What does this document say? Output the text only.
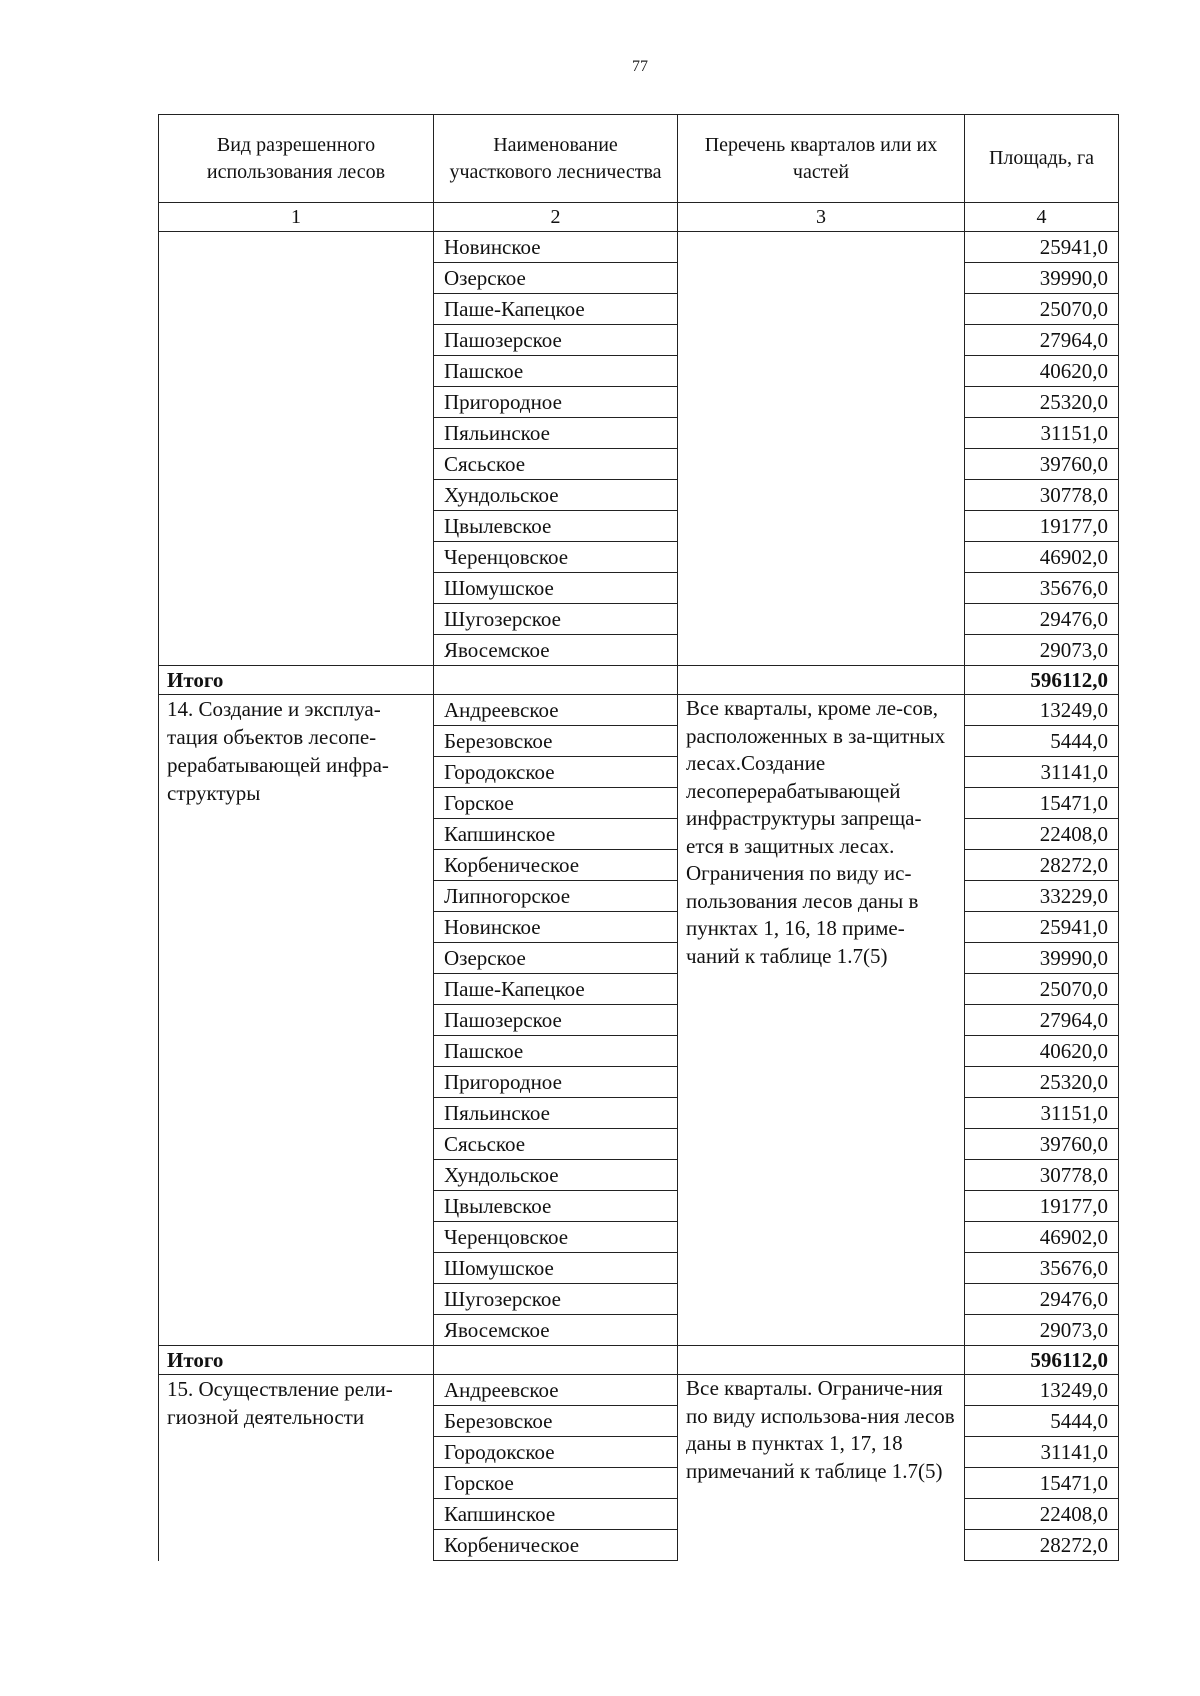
77
Вид разрешенного использования лесов	Наименование участкового лесничества	Перечень кварталов или их частей	Площадь, га
1	2	3	4
	Новинское		25941,0
	Озерское		39990,0
	Паше-Капецкое		25070,0
	Пашозерское		27964,0
	Пашское		40620,0
	Пригородное		25320,0
	Пяльинское		31151,0
	Сясьское		39760,0
	Хундольское		30778,0
	Цвылевское		19177,0
	Черенцовское		46902,0
	Шомушское		35676,0
	Шугозерское		29476,0
	Явосемское		29073,0
Итого			596112,0
14. Создание и эксплуа-тация объектов лесопе-рерабатывающей инфра-структуры	Андреевское	Все кварталы, кроме ле-сов, расположенных в за-щитных лесах.Создание лесоперерабатывающей инфраструктуры запреща-ется в защитных лесах. Ограничения по виду ис-пользования лесов даны в пунктах 1, 16, 18 приме-чаний к таблице 1.7(5)	13249,0
	Березовское		5444,0
	Городокское		31141,0
	Горское		15471,0
	Капшинское		22408,0
	Корбеническое		28272,0
	Липногорское		33229,0
	Новинское		25941,0
	Озерское		39990,0
	Паше-Капецкое		25070,0
	Пашозерское		27964,0
	Пашское		40620,0
	Пригородное		25320,0
	Пяльинское		31151,0
	Сясьское		39760,0
	Хундольское		30778,0
	Цвылевское		19177,0
	Черенцовское		46902,0
	Шомушское		35676,0
	Шугозерское		29476,0
	Явосемское		29073,0
Итого			596112,0
15. Осуществление рели-гиозной деятельности	Андреевское	Все кварталы. Ограниче-ния по виду использова-ния лесов даны в пунктах 1, 17, 18 примечаний к таблице 1.7(5)	13249,0
	Березовское		5444,0
	Городокское		31141,0
	Горское		15471,0
	Капшинское		22408,0
	Корбеническое		28272,0
